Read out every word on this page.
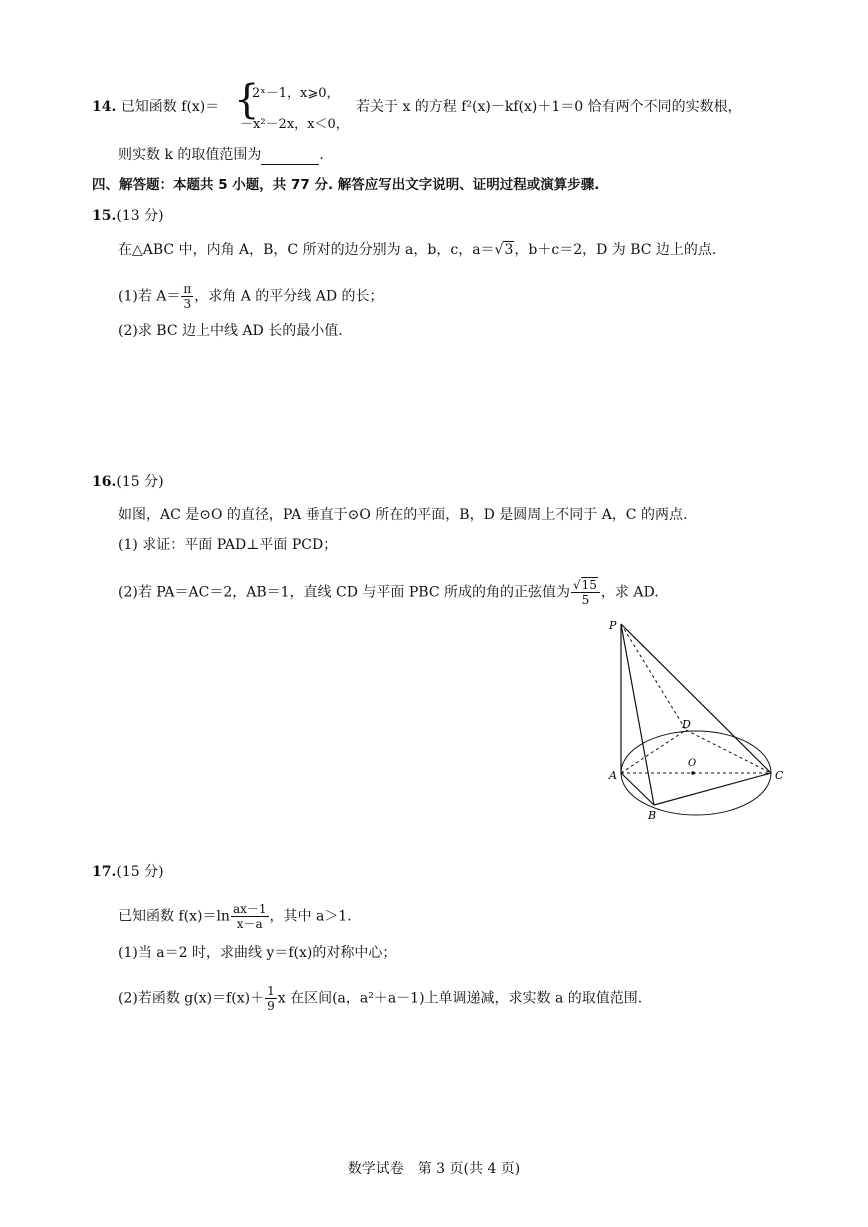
14. 已知函数 f(x)＝ {
2ˣ－1，x⩾0，
－x²－2x，x＜0，
若关于 x 的方程 f²(x)－kf(x)＋1＝0 恰有两个不同的实数根，
则实数 k 的取值范围为	.
四、解答题：本题共 5 小题，共 77 分. 解答应写出文字说明、证明过程或演算步骤.
15.(13 分)
在△ABC 中，内角 A，B，C 所对的边分别为 a，b，c，a＝√3，b＋c＝2，D 为 BC 边上的点.
(1)若 $A= \frac{\pi}{3}$ ，求角 A 的平分线 AD 的长；
(2)求 BC 边上中线 AD 长的最小值.
16.(15 分)
如图，AC 是⊙O 的直径，PA 垂直于⊙O 所在的平面，B，D 是圆周上不同于 A，C 的两点.
(1) 求证：平面 PAD⊥平面 PCD；
(2)若 PA＝AC＝2，AB＝1，直线 CD 与平面 PBC 所成的角的正弦值为 $\frac{√15}{5}$ ，求 AD.
P
D
O
A	C
B
17.(15 分)
已知函数 $f(x)=\ln \frac{ax-1}{x-a}$ ，其中 a＞1.
(1)当 a＝2 时，求曲线 y＝f(x)的对称中心；
(2)若函数 $g(x)=f(x)+ \frac{1}{9}$ x 在区间(a，a²＋a－1)上单调递减，求实数 a 的取值范围.
数学试卷　第 3 页(共 4 页)
